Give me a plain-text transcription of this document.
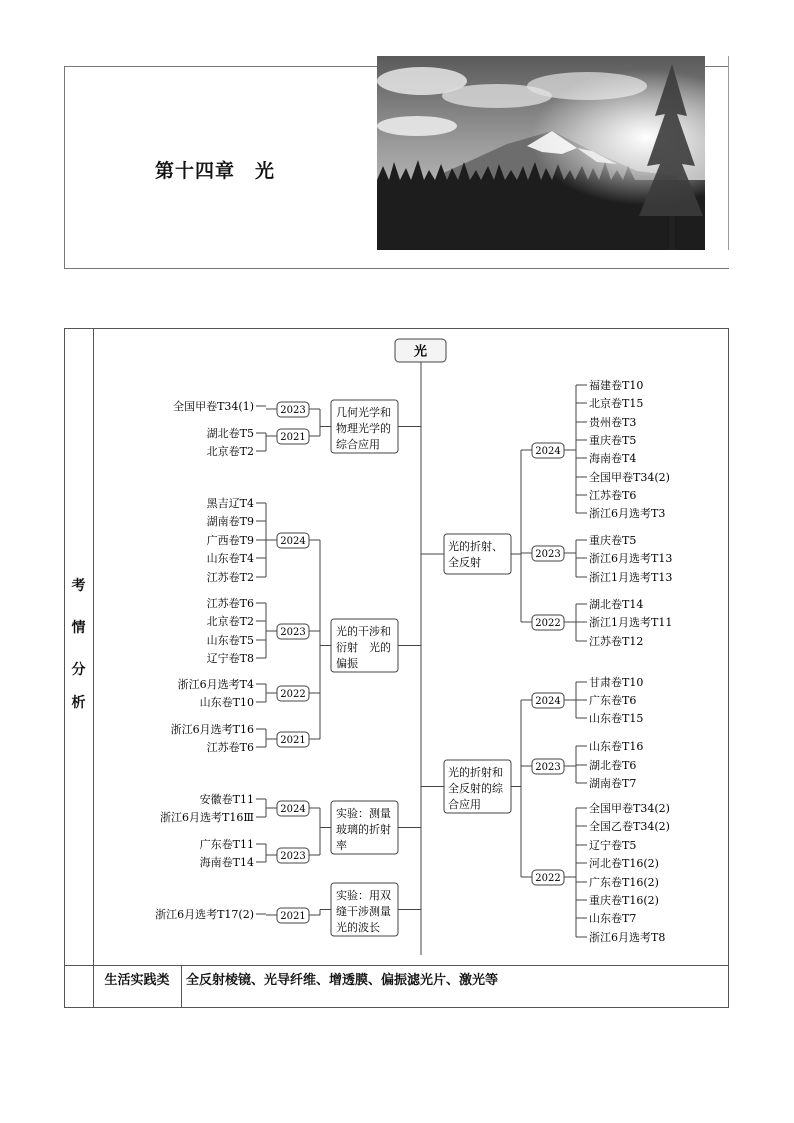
第十四章　光
考
情
分
析
生活实践类	全反射棱镜、光导纤维、增透膜、偏振滤光片、激光等
光
几何光学和
物理光学的
综合应用
2023
全国甲卷T34(1)
2021
湖北卷T5
北京卷T2
光的干涉和
衍射　光的
偏振
2024
黑吉辽T4
湖南卷T9
广西卷T9
山东卷T4
江苏卷T2
2023
江苏卷T6
北京卷T2
山东卷T5
辽宁卷T8
2022
浙江6月选考T4
山东卷T10
2021
浙江6月选考T16
江苏卷T6
实验：测量
玻璃的折射
率
2024
安徽卷T11
浙江6月选考T16Ⅲ
2023
广东卷T11
海南卷T14
实验：用双
缝干涉测量
光的波长
2021
浙江6月选考T17(2)
光的折射、
全反射
2024
福建卷T10
北京卷T15
贵州卷T3
重庆卷T5
海南卷T4
全国甲卷T34(2)
江苏卷T6
浙江6月选考T3
2023
重庆卷T5
浙江6月选考T13
浙江1月选考T13
2022
湖北卷T14
浙江1月选考T11
江苏卷T12
光的折射和
全反射的综
合应用
2024
甘肃卷T10
广东卷T6
山东卷T15
2023
山东卷T16
湖北卷T6
湖南卷T7
2022
全国甲卷T34(2)
全国乙卷T34(2)
辽宁卷T5
河北卷T16(2)
广东卷T16(2)
重庆卷T16(2)
山东卷T7
浙江6月选考T8
